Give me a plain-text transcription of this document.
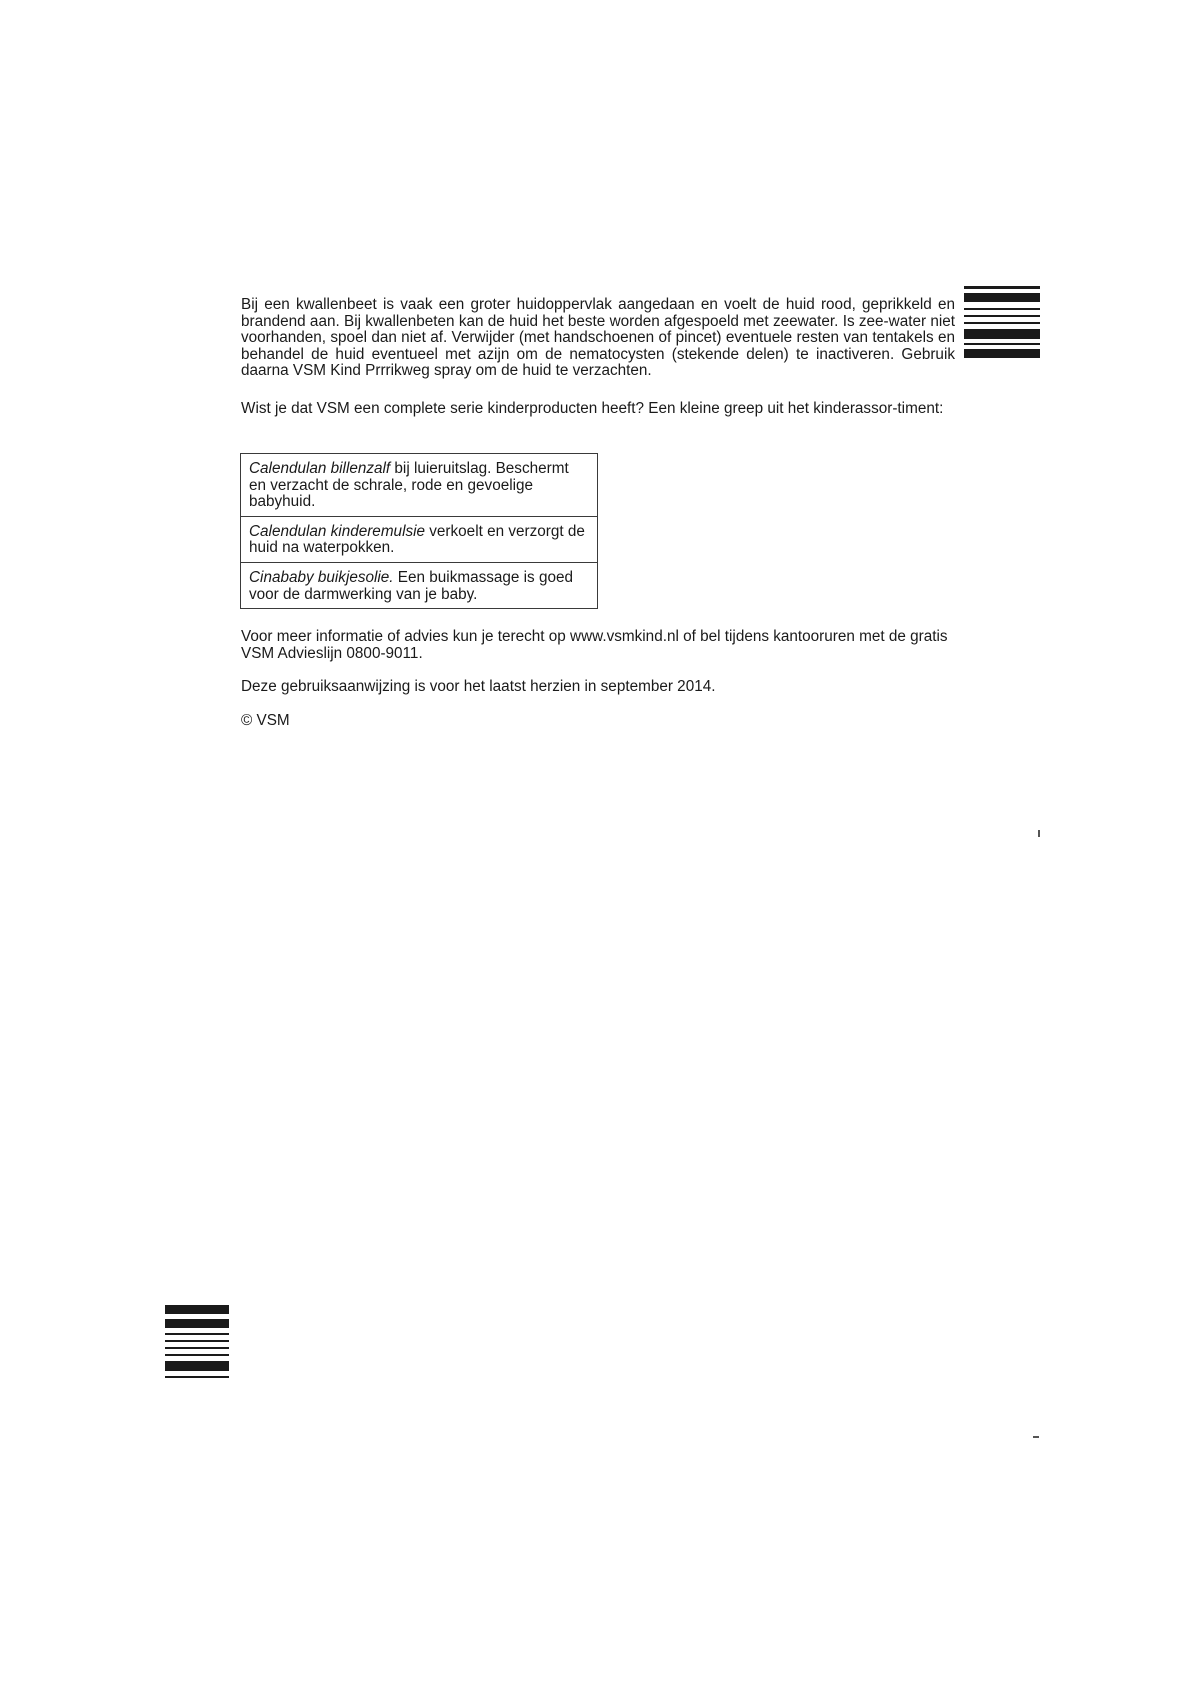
Bij een kwallenbeet is vaak een groter huidoppervlak aangedaan en voelt de huid rood, geprikkeld en brandend aan. Bij kwallenbeten kan de huid het beste worden afgespoeld met zeewater. Is zee-water niet voorhanden, spoel dan niet af. Verwijder (met handschoenen of pincet) eventuele resten van tentakels en behandel de huid eventueel met azijn om de nematocysten (stekende delen) te inactiveren. Gebruik daarna VSM Kind Prrrikweg spray om de huid te verzachten.

Wist je dat VSM een complete serie kinderproducten heeft? Een kleine greep uit het kinderassor-timent:

Calendulan billenzalf bij luieruitslag. Beschermt en verzacht de schrale, rode en gevoelige babyhuid.
Calendulan kinderemulsie verkoelt en verzorgt de huid na waterpokken.
Cinababy buikjesolie. Een buikmassage is goed voor de darmwerking van je baby.

Voor meer informatie of advies kun je terecht op www.vsmkind.nl of bel tijdens kantooruren met de gratis VSM Advieslijn 0800-9011.

Deze gebruiksaanwijzing is voor het laatst herzien in september 2014.

© VSM
